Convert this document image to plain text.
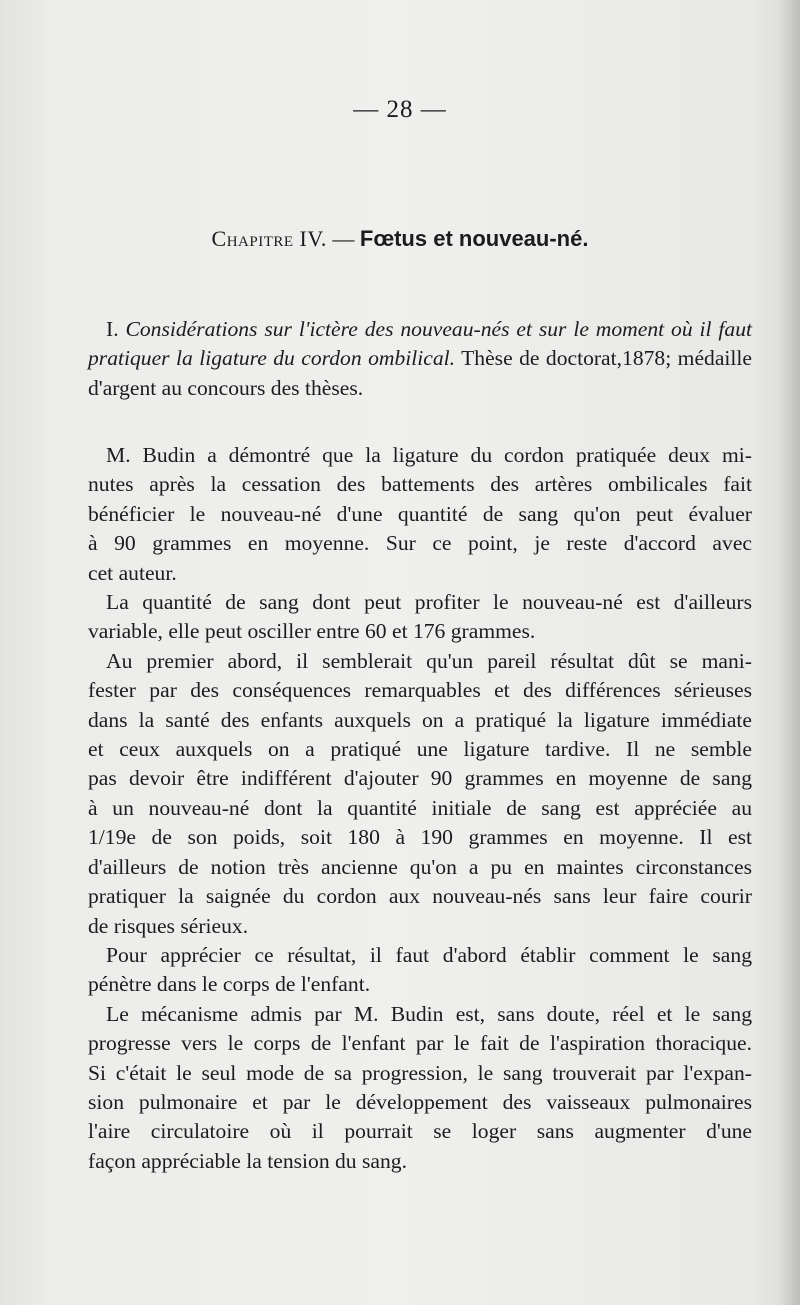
— 28 —
Chapitre IV. — Fœtus et nouveau-né.

I. Considérations sur l'ictère des nouveau-nés et sur le moment où il faut pratiquer la ligature du cordon ombilical. Thèse de doctorat,1878; médaille d'argent au concours des thèses.

M. Budin a démontré que la ligature du cordon pratiquée deux mi-

nutes après la cessation des battements des artères ombilicales fait

bénéficier le nouveau-né d'une quantité de sang qu'on peut évaluer

à 90 grammes en moyenne. Sur ce point, je reste d'accord avec

cet auteur.

La quantité de sang dont peut profiter le nouveau-né est d'ailleurs

variable, elle peut osciller entre 60 et 176 grammes.

Au premier abord, il semblerait qu'un pareil résultat dût se mani-

fester par des conséquences remarquables et des différences sérieuses

dans la santé des enfants auxquels on a pratiqué la ligature immédiate

et ceux auxquels on a pratiqué une ligature tardive. Il ne semble

pas devoir être indifférent d'ajouter 90 grammes en moyenne de sang

à un nouveau-né dont la quantité initiale de sang est appréciée au

1/19e de son poids, soit 180 à 190 grammes en moyenne. Il est

d'ailleurs de notion très ancienne qu'on a pu en maintes circonstances

pratiquer la saignée du cordon aux nouveau-nés sans leur faire courir

de risques sérieux.

Pour apprécier ce résultat, il faut d'abord établir comment le sang

pénètre dans le corps de l'enfant.

Le mécanisme admis par M. Budin est, sans doute, réel et le sang

progresse vers le corps de l'enfant par le fait de l'aspiration thoracique.

Si c'était le seul mode de sa progression, le sang trouverait par l'expan-

sion pulmonaire et par le développement des vaisseaux pulmonaires

l'aire circulatoire où il pourrait se loger sans augmenter d'une

façon appréciable la tension du sang.
